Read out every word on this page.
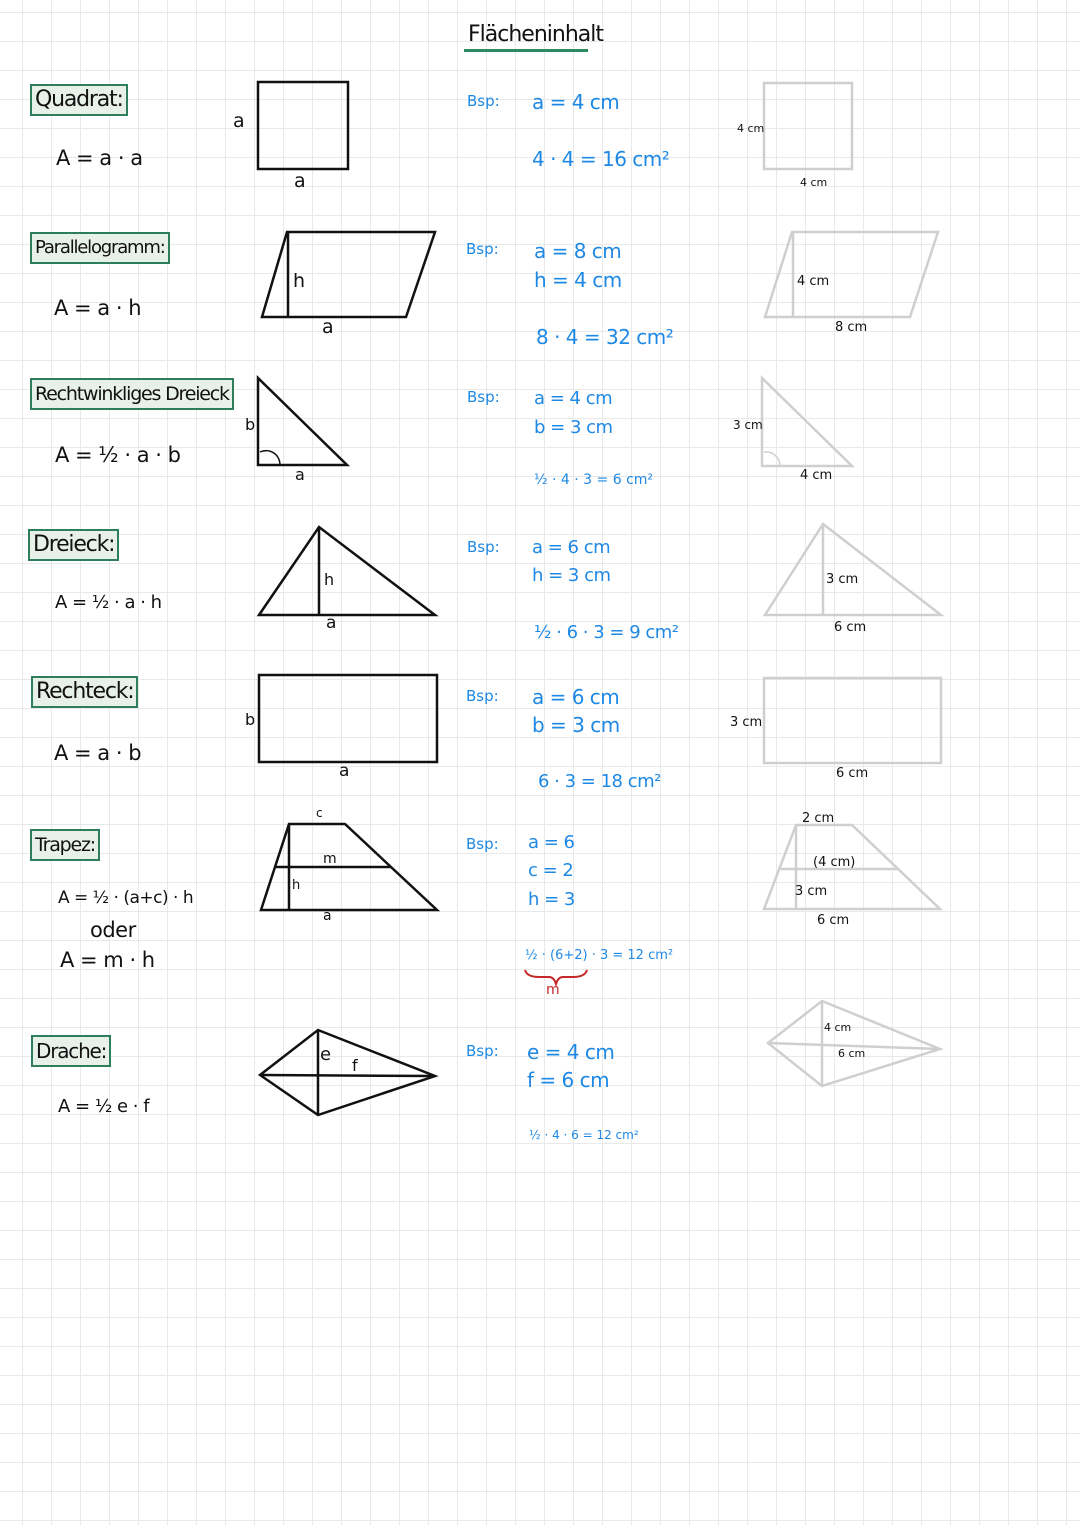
Flächeninhalt
Quadrat:
A = a · a
a
a
Bsp: a = 4 cm
4 · 4 = 16 cm²
4 cm
4 cm
Parallelogramm:
A = a · h
h
a
Bsp: a = 8 cm
h = 4 cm
8 · 4 = 32 cm²
4 cm
8 cm
Rechtwinkliges Dreieck
A = ½ · a · b
b
a
Bsp: a = 4 cm
b = 3 cm
½ · 4 · 3 = 6 cm²
3 cm
4 cm
Dreieck:
A = ½ · a · h
h
a
Bsp: a = 6 cm
h = 3 cm
½ · 6 · 3 = 9 cm²
3 cm
6 cm
Rechteck:
A = a · b
b
a
Bsp: a = 6 cm
b = 3 cm
6 · 3 = 18 cm²
3 cm
6 cm
Trapez:
A = ½ · (a+c) · h
oder
A = m · h
c
m
h
a
Bsp: a = 6
c = 2
h = 3
½ · (6+2) · 3 = 12 cm²
m
2 cm
(4 cm)
3 cm
6 cm
Drache:
A = ½ e · f
e
f
Bsp: e = 4 cm
f = 6 cm
½ · 4 · 6 = 12 cm²
4 cm
6 cm
